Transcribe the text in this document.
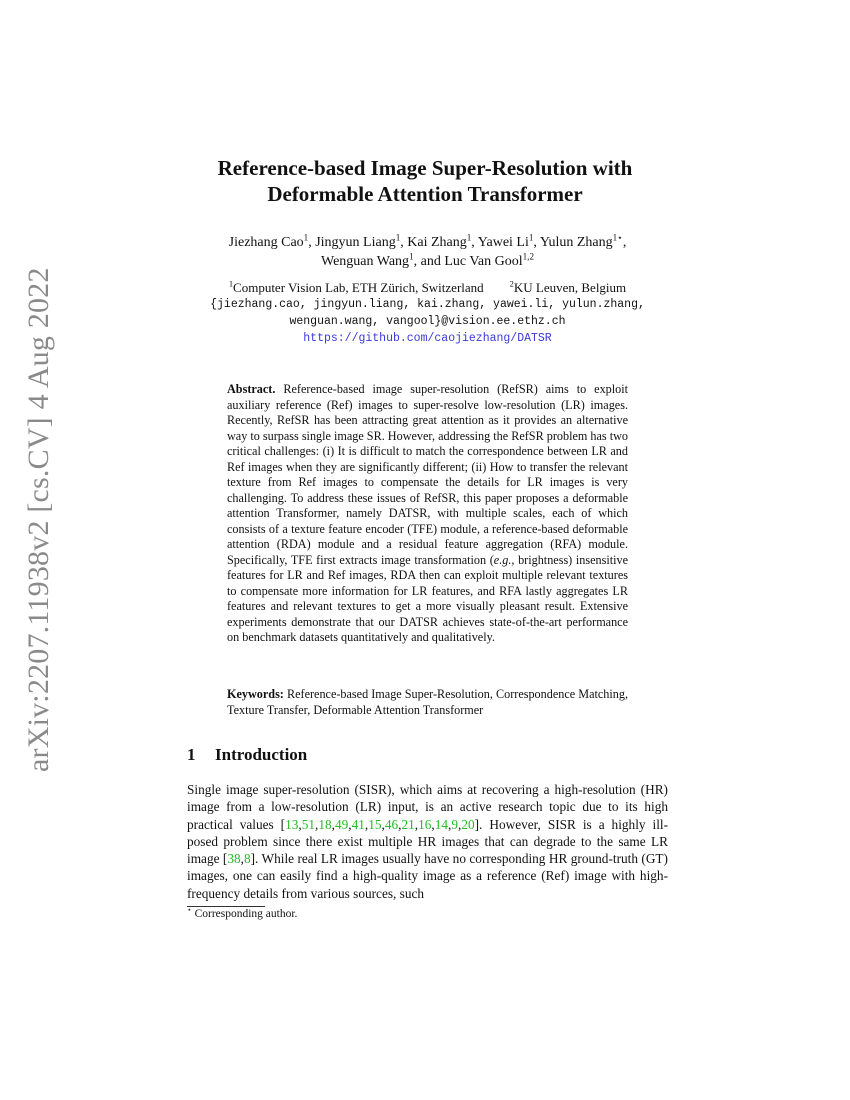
arXiv:2207.11938v2 [cs.CV] 4 Aug 2022
Reference-based Image Super-Resolution with
Deformable Attention Transformer
Jiezhang Cao$^1$, Jingyun Liang$^1$, Kai Zhang$^1$, Yawei Li$^1$, Yulun Zhang$^{1⋆}$,
Wenguan Wang$^1$, and Luc Van Gool$^{1,2}$
$^1$Computer Vision Lab, ETH Zürich, Switzerland	$^2$KU Leuven, Belgium
{jiezhang.cao, jingyun.liang, kai.zhang, yawei.li, yulun.zhang,
wenguan.wang, vangool}@vision.ee.ethz.ch
https://github.com/caojiezhang/DATSR
Abstract. Reference-based image super-resolution (RefSR) aims to exploit auxiliary reference (Ref) images to super-resolve low-resolution (LR) images. Recently, RefSR has been attracting great attention as it provides an alternative way to surpass single image SR. However, addressing the RefSR problem has two critical challenges: (i) It is difficult to match the correspondence between LR and Ref images when they are significantly different; (ii) How to transfer the relevant texture from Ref images to compensate the details for LR images is very challenging. To address these issues of RefSR, this paper proposes a deformable attention Transformer, namely DATSR, with multiple scales, each of which consists of a texture feature encoder (TFE) module, a reference-based deformable attention (RDA) module and a residual feature aggregation (RFA) module. Specifically, TFE first extracts image transformation (e.g., brightness) insensitive features for LR and Ref images, RDA then can exploit multiple relevant textures to compensate more information for LR features, and RFA lastly aggregates LR features and relevant textures to get a more visually pleasant result. Extensive experiments demonstrate that our DATSR achieves state-of-the-art performance on benchmark datasets quantitatively and qualitatively.
Keywords: Reference-based Image Super-Resolution, Correspondence Matching, Texture Transfer, Deformable Attention Transformer
1 Introduction
Single image super-resolution (SISR), which aims at recovering a high-resolution (HR) image from a low-resolution (LR) input, is an active research topic due to its high practical values [13,51,18,49,41,15,46,21,16,14,9,20]. However, SISR is a highly ill-posed problem since there exist multiple HR images that can degrade to the same LR image [38,8]. While real LR images usually have no corresponding HR ground-truth (GT) images, one can easily find a high-quality image as a reference (Ref) image with high-frequency details from various sources, such
⋆ Corresponding author.
